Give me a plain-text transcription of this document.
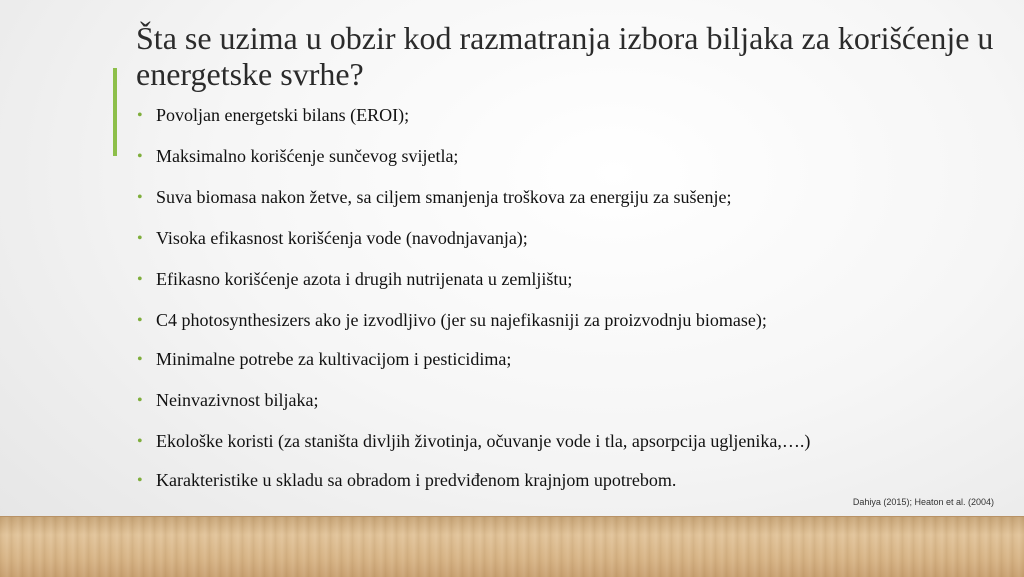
Šta se uzima u obzir kod razmatranja izbora biljaka za korišćenje u energetske svrhe?
• Povoljan energetski bilans (EROI);
• Maksimalno korišćenje sunčevog svijetla;
• Suva biomasa nakon žetve, sa ciljem smanjenja troškova za energiju za sušenje;
• Visoka efikasnost korišćenja vode (navodnjavanja);
• Efikasno korišćenje azota i drugih nutrijenata u zemljištu;
• C4 photosynthesizers ako je izvodljivo (jer su najefikasniji za proizvodnju biomase);
• Minimalne potrebe za kultivacijom i pesticidima;
• Neinvazivnost biljaka;
• Ekološke koristi (za staništa divljih životinja, očuvanje vode i tla, apsorpcija ugljenika,….)
• Karakteristike u skladu sa obradom i predviđenom krajnjom upotrebom.

Dahiya (2015); Heaton et al. (2004)
